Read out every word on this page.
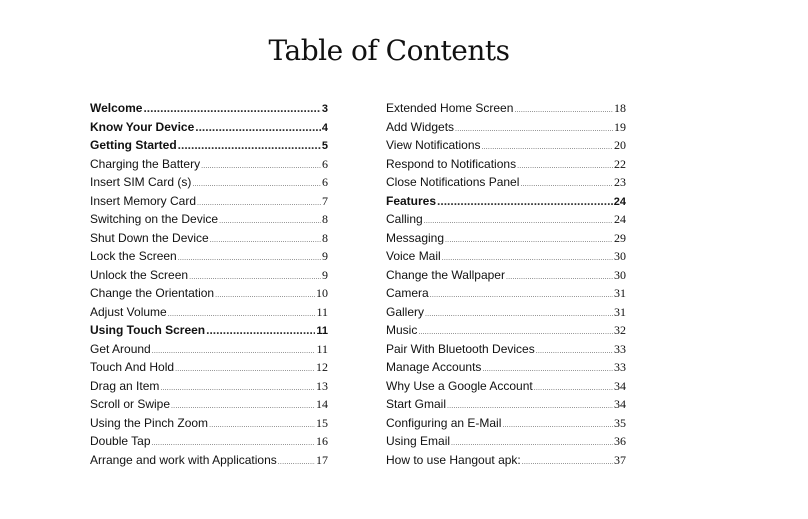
Table of Contents
Welcome .....	3
Know Your Device .....	4
Getting Started .....	5
Charging the Battery .....	6
Insert SIM Card (s) .....	6
Insert Memory Card .....	7
Switching on the Device .....	8
Shut Down the Device .....	8
Lock the Screen .....	9
Unlock the Screen .....	9
Change the Orientation .....	10
Adjust Volume .....	11
Using Touch Screen .....	11
Get Around .....	11
Touch And Hold .....	12
Drag an Item .....	13
Scroll or Swipe .....	14
Using the Pinch Zoom .....	15
Double Tap .....	16
Arrange and work with Applications .....	17
Extended Home Screen .....	18
Add Widgets .....	19
View Notifications .....	20
Respond to Notifications .....	22
Close Notifications Panel .....	23
Features .....	24
Calling .....	24
Messaging .....	29
Voice Mail .....	30
Change the Wallpaper .....	30
Camera .....	31
Gallery .....	31
Music .....	32
Pair With Bluetooth Devices .....	33
Manage Accounts .....	33
Why Use a Google Account .....	34
Start Gmail .....	34
Configuring an E-Mail .....	35
Using Email .....	36
How to use Hangout apk: .....	37
